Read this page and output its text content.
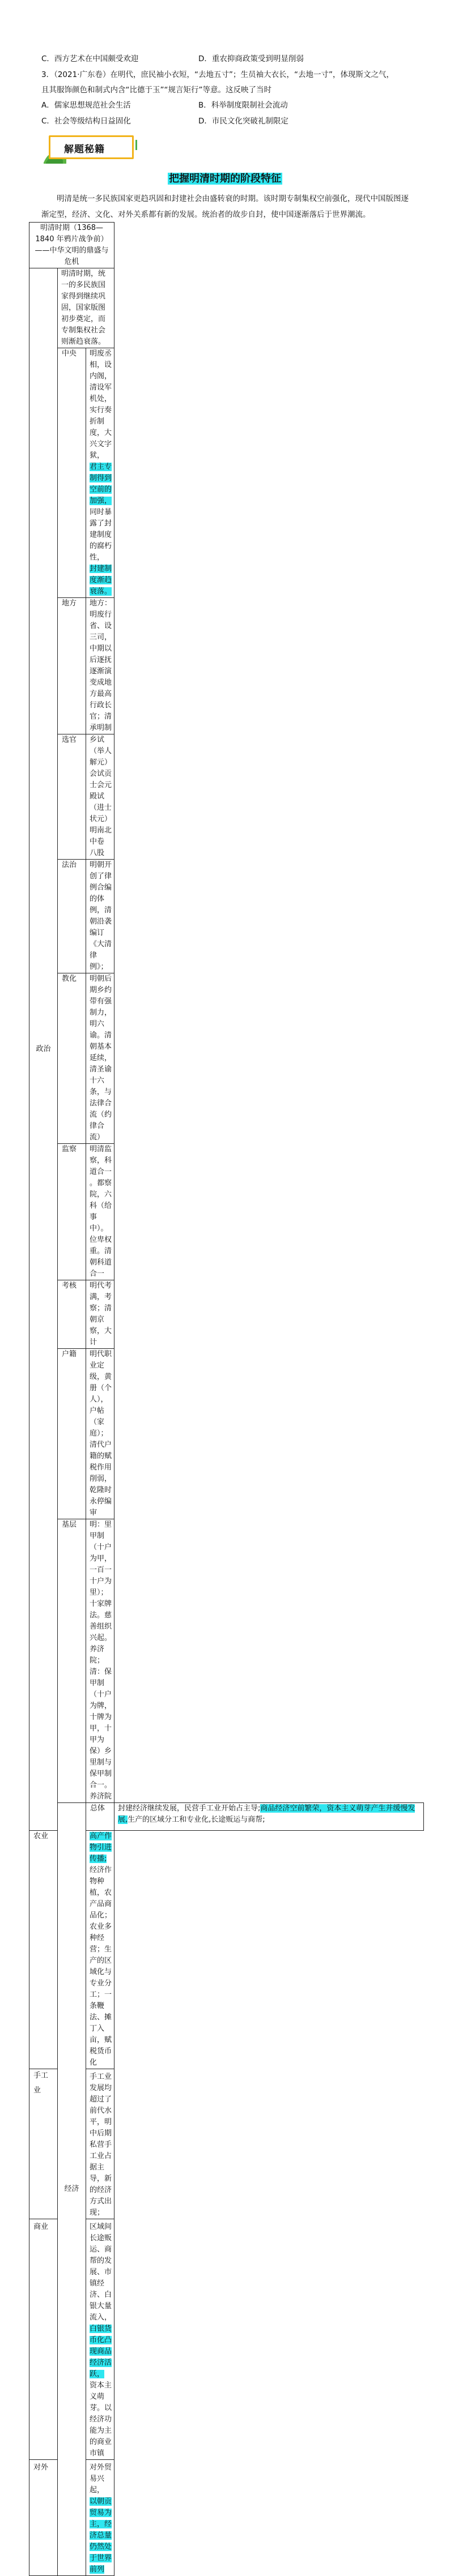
C．西方艺术在中国颇受欢迎	D．重农抑商政策受到明显削弱
3．（2021·广东卷）在明代，庶民袖小衣短，“去地五寸”；生员袖大衣长，“去地一寸”，体现斯文之气，
且其服饰颜色和制式内含“比德于玉”“规言矩行”等意。这反映了当时
A．儒家思想规范社会生活	B．科举制度限制社会流动
C．社会等级结构日益固化	D．市民文化突破礼制限定
解题秘籍
把握明清时期的阶段特征
明清是统一多民族国家更趋巩固和封建社会由盛转衰的时期。该时期专制集权空前强化，现代中国版图逐渐定型，经济、文化、对外关系都有新的发展。统治者的故步自封，使中国逐渐落后于世界潮流。
明清时期（1368—1840 年鸦片战争前）——中华文明的鼎盛与危机			
政治	明清时期，统一的多民族国家得到继续巩固，国家版图初步奠定，而专制集权社会则渐趋衰落。		
	中央	明废丞相，设内阁，清设军机处，实行奏折制度，大兴文字狱，君主专制得到空前的加强，同时暴露了封建制度的腐朽性，封建制度渐趋衰落。	
	地方	地方：明废行省、设三司，中期以后逐抚逐渐演变成地方最高行政长官；清承明制	
	选官	乡试（举人 解元）会试贡士会元殿试（进士状元）明南北中卷 八股	
	法治	明朝开创了律例合编的体例，清朝沿袭编订《大清律例》；	
	教化	明朝后期乡约带有强制力，明六谕。清朝基本延续，清圣谕十六条，与法律合流（约律合流）	
	监察	明清监察，科道合一 。都察院，六科（给事中）。位卑权重。清朝科道合一	
	考核	明代考满，考察；清朝京察，大计	
	户籍	明代职业定级，黄册（个人），户帖（家庭）；清代户籍的赋税作用削弱，乾隆时永停编审	
	基层	明：里甲制（十户为甲，一百一十户为里）；十家牌法。慈善组织兴起。养济院；
清：保甲制（十户为牌，十牌为甲，十甲为保）乡里制与保甲制合一。养济院	

	经济	总体	封建经济继续发展，民营手工业开始占主导;商品经济空前繁荣，资本主义萌芽产生并缓慢发展,生产的区域分工和专业化,长途贩运与商帮;
农业		高产作物引进传播;经济作物种植，农产品商品化；农业多种经营；生产的区域化与专业分工；一条鞭法、摊丁入亩，赋税货币化	

手工
业		手工业发展均超过了前代水平，明中后期私营手工业占据主导，新的经济方式出现；	
商业		区域间长途贩运、商帮的发展、市镇经济、白银大量流入，白银货币化凸现商品经济活跃，资本主义萌芽。以经济功能为主的商业市镇	
对外		对外贸易兴起，以朝贡贸易为主，经济总量仍然处于世界前列	
